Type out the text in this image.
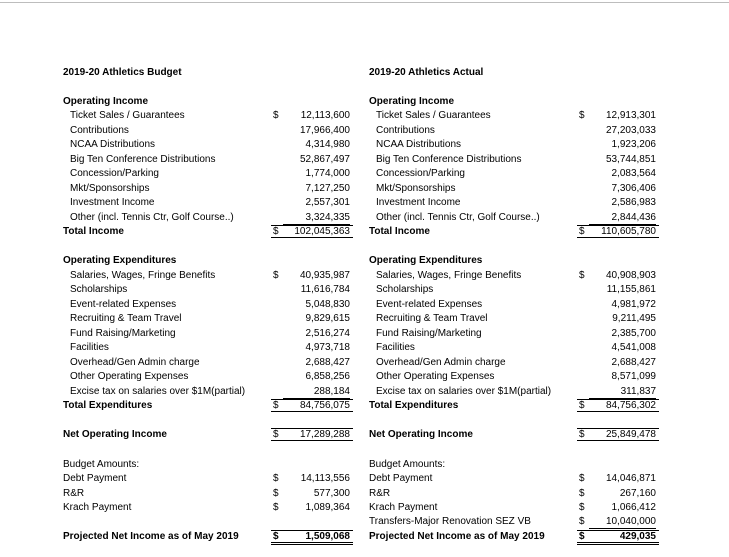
2019-20 Athletics Budget
Operating Income
Ticket Sales / Guarantees	$	12,113,600
Contributions	17,966,400
NCAA Distributions	4,314,980
Big Ten Conference Distributions	52,867,497
Concession/Parking	1,774,000
Mkt/Sponsorships	7,127,250
Investment Income	2,557,301
Other (incl. Tennis Ctr, Golf Course..)	3,324,335
Total Income	$	102,045,363
Operating Expenditures
Salaries, Wages, Fringe Benefits	$	40,935,987
Scholarships	11,616,784
Event-related Expenses	5,048,830
Recruiting & Team Travel	9,829,615
Fund Raising/Marketing	2,516,274
Facilities	4,973,718
Overhead/Gen Admin charge	2,688,427
Other Operating Expenses	6,858,256
Excise tax on salaries over $1M(partial)	288,184
Total Expenditures	$	84,756,075
Net Operating Income	$	17,289,288
Budget Amounts:
Debt Payment	$	14,113,556
R&R	$	577,300
Krach Payment	$	1,089,364
Projected Net Income as of May 2019	$	1,509,068
2019-20 Athletics Actual
Operating Income
Ticket Sales / Guarantees	$	12,913,301
Contributions	27,203,033
NCAA Distributions	1,923,206
Big Ten Conference Distributions	53,744,851
Concession/Parking	2,083,564
Mkt/Sponsorships	7,306,406
Investment Income	2,586,983
Other (incl. Tennis Ctr, Golf Course..)	2,844,436
Total Income	$	110,605,780
Operating Expenditures
Salaries, Wages, Fringe Benefits	$	40,908,903
Scholarships	11,155,861
Event-related Expenses	4,981,972
Recruiting & Team Travel	9,211,495
Fund Raising/Marketing	2,385,700
Facilities	4,541,008
Overhead/Gen Admin charge	2,688,427
Other Operating Expenses	8,571,099
Excise tax on salaries over $1M(partial)	311,837
Total Expenditures	$	84,756,302
Net Operating Income	$	25,849,478
Budget Amounts:
Debt Payment	$	14,046,871
R&R	$	267,160
Krach Payment	$	1,066,412
Transfers-Major Renovation SEZ VB	$	10,040,000
Projected Net Income as of May 2019	$	429,035
